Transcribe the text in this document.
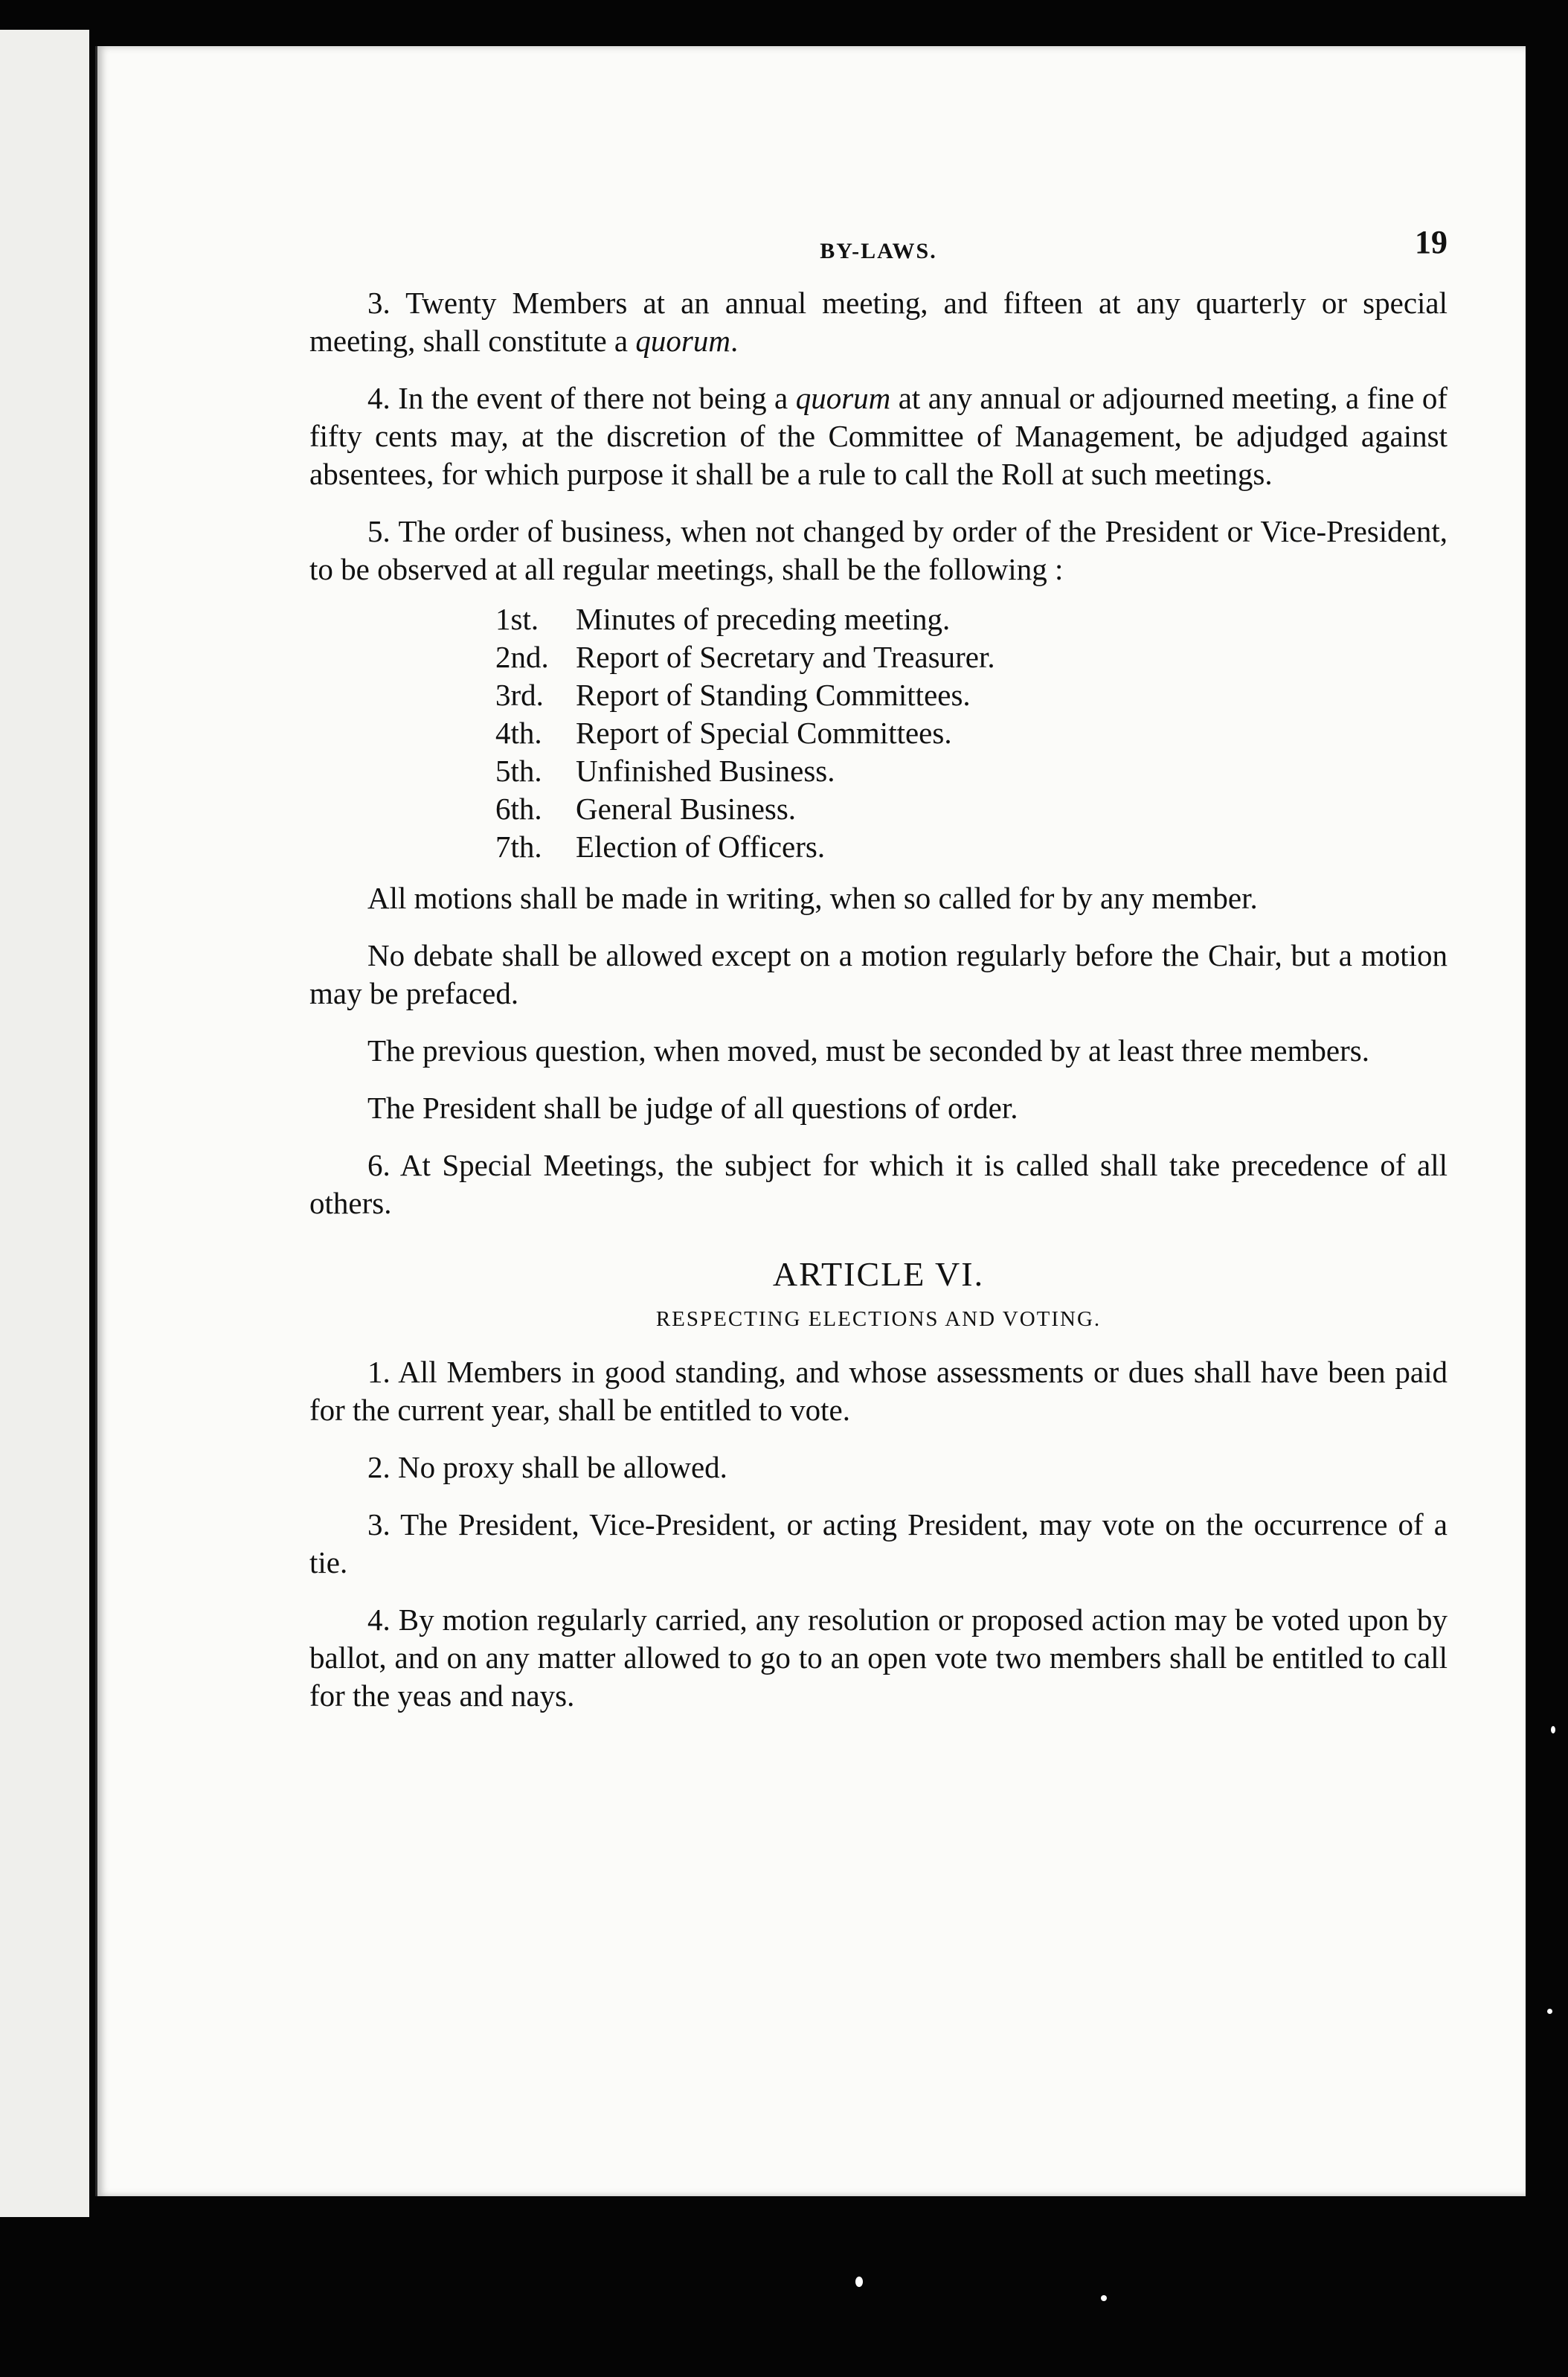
BY-LAWS.	19

3. Twenty Members at an annual meeting, and fifteen at any quarterly or special meeting, shall constitute a quorum.

4. In the event of there not being a quorum at any annual or adjourned meeting, a fine of fifty cents may, at the discretion of the Committee of Management, be adjudged against absentees, for which purpose it shall be a rule to call the Roll at such meetings.

5. The order of business, when not changed by order of the President or Vice-President, to be observed at all regular meetings, shall be the following :

1st. Minutes of preceding meeting.
2nd. Report of Secretary and Treasurer.
3rd. Report of Standing Committees.
4th. Report of Special Committees.
5th. Unfinished Business.
6th. General Business.
7th. Election of Officers.

All motions shall be made in writing, when so called for by any member.

No debate shall be allowed except on a motion regularly before the Chair, but a motion may be prefaced.

The previous question, when moved, must be seconded by at least three members.

The President shall be judge of all questions of order.

6. At Special Meetings, the subject for which it is called shall take precedence of all others.

ARTICLE VI.
RESPECTING ELECTIONS AND VOTING.

1. All Members in good standing, and whose assessments or dues shall have been paid for the current year, shall be entitled to vote.

2. No proxy shall be allowed.

3. The President, Vice-President, or acting President, may vote on the occurrence of a tie.

4. By motion regularly carried, any resolution or proposed action may be voted upon by ballot, and on any matter allowed to go to an open vote two members shall be entitled to call for the yeas and nays.
